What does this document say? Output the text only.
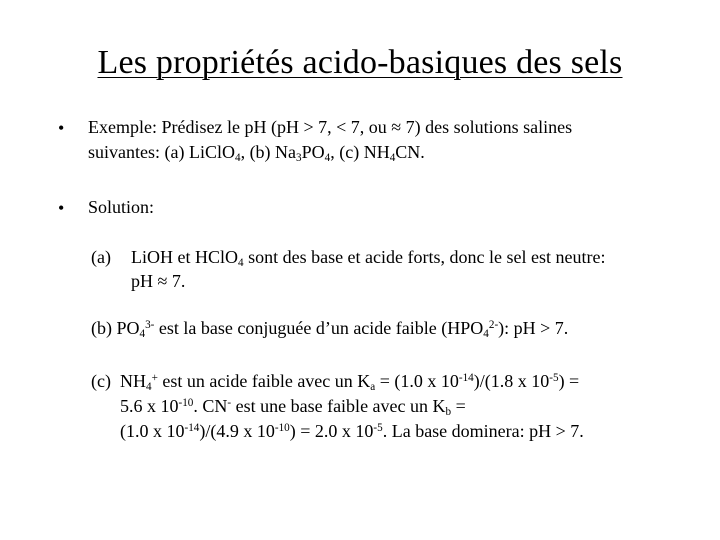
Les propriétés acido-basiques des sels
• Exemple: Prédisez le pH (pH > 7, < 7, ou ≈ 7) des solutions salines
suivantes: (a) LiClO$_4$, (b) $Na_3PO_4$, (c) $NH_4CN$.
• Solution:
(a) LiOH et HClO$_4$ sont des base et acide forts, donc le sel est neutre:
pH ≈ 7.
(b) $PO_4^{3-}$ est la base conjuguée d’un acide faible $(HPO_4^{2-})$: pH > 7.
(c) $NH_4^+$ est un acide faible avec un $K_a = (1.0$ x $10^{-14})/(1.8$ x $10^{-5}$) =
5.6 x $10^{-10}$. CN- est une base faible avec un $K_b$ =
(1.0 x $10^{-14})/(4.9$ x $10^{-10}) = 2.0$ x $10^{-5}$. La base dominera: pH > 7.
